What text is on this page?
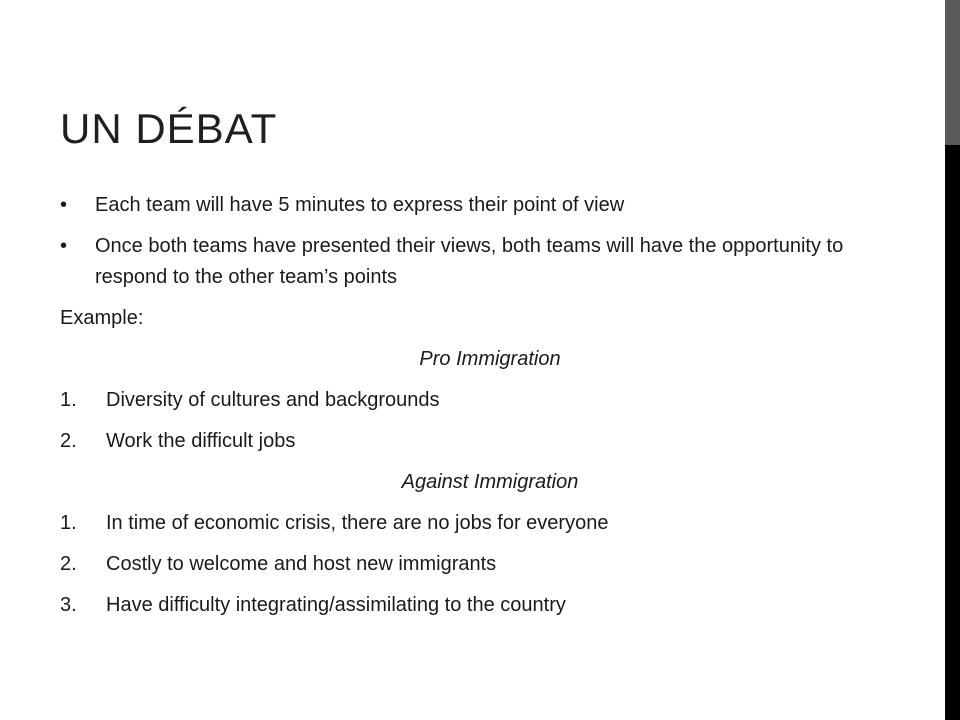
UN DÉBAT
•	Each team will have 5 minutes to express their point of view
•	Once both teams have presented their views, both teams will have the opportunity to respond to the other team’s points
Example:
Pro Immigration
1. Diversity of cultures and backgrounds
2. Work the difficult jobs
Against Immigration
1. In time of economic crisis, there are no jobs for everyone
2. Costly to welcome and host new immigrants
3. Have difficulty integrating/assimilating to the country
